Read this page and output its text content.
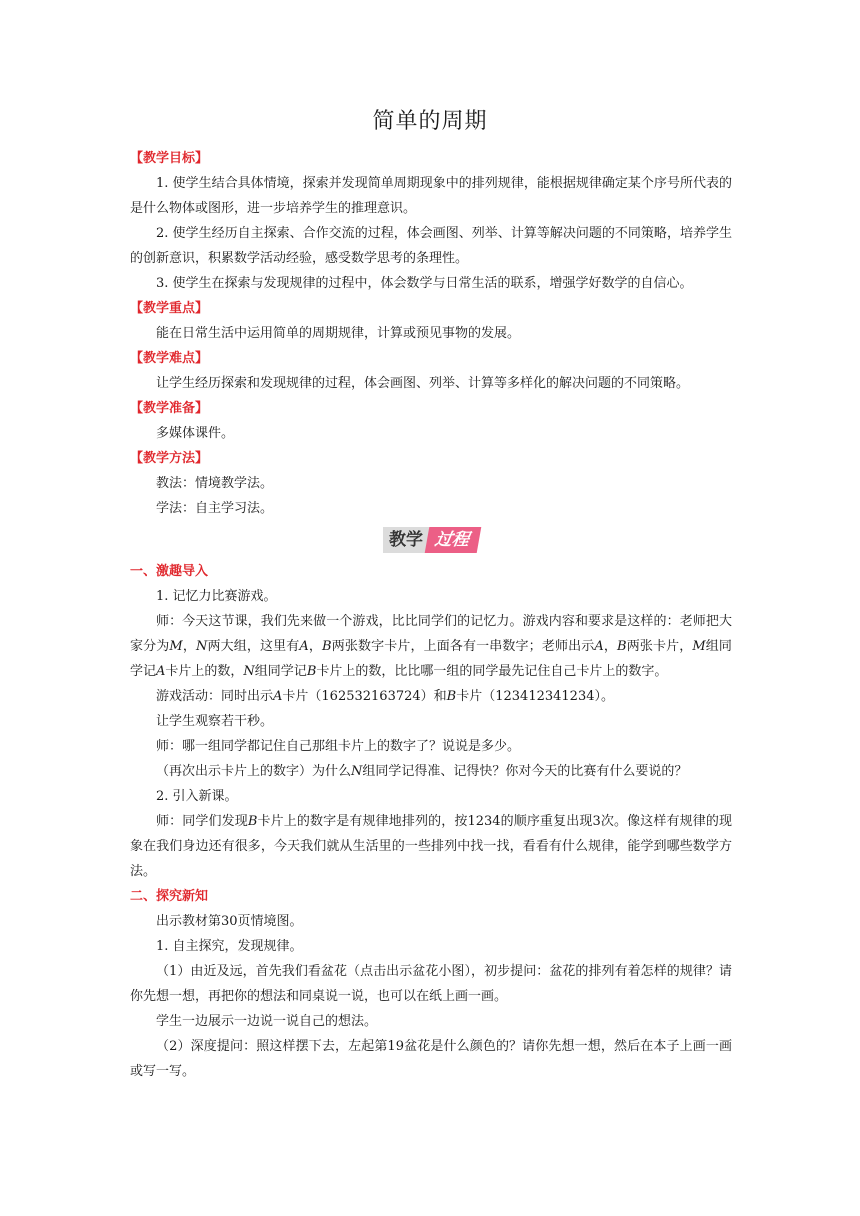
简单的周期

【教学目标】

1. 使学生结合具体情境，探索并发现简单周期现象中的排列规律，能根据规律确定某个序号所代表的是什么物体或图形，进一步培养学生的推理意识。

2. 使学生经历自主探索、合作交流的过程，体会画图、列举、计算等解决问题的不同策略，培养学生的创新意识，积累数学活动经验，感受数学思考的条理性。

3. 使学生在探索与发现规律的过程中，体会数学与日常生活的联系，增强学好数学的自信心。

【教学重点】

能在日常生活中运用简单的周期规律，计算或预见事物的发展。

【教学难点】

让学生经历探索和发现规律的过程，体会画图、列举、计算等多样化的解决问题的不同策略。

【教学准备】

多媒体课件。

【教学方法】

教法：情境教学法。

学法：自主学习法。

教学 过程

一、激趣导入

1. 记忆力比赛游戏。

师：今天这节课，我们先来做一个游戏，比比同学们的记忆力。游戏内容和要求是这样的：老师把大家分为M，N两大组，这里有A，B两张数字卡片，上面各有一串数字；老师出示A，B两张卡片，M组同学记A卡片上的数，N组同学记B卡片上的数，比比哪一组的同学最先记住自己卡片上的数字。

游戏活动：同时出示A卡片（162532163724）和B卡片（123412341234）。

让学生观察若干秒。

师：哪一组同学都记住自己那组卡片上的数字了？说说是多少。

（再次出示卡片上的数字）为什么N组同学记得准、记得快？你对今天的比赛有什么要说的？

2. 引入新课。

师：同学们发现B卡片上的数字是有规律地排列的，按1234的顺序重复出现3次。像这样有规律的现象在我们身边还有很多，今天我们就从生活里的一些排列中找一找，看看有什么规律，能学到哪些数学方法。

二、探究新知

出示教材第30页情境图。

1. 自主探究，发现规律。

（1）由近及远，首先我们看盆花（点击出示盆花小图），初步提问：盆花的排列有着怎样的规律？请你先想一想，再把你的想法和同桌说一说，也可以在纸上画一画。

学生一边展示一边说一说自己的想法。

（2）深度提问：照这样摆下去，左起第19盆花是什么颜色的？请你先想一想，然后在本子上画一画或写一写。
